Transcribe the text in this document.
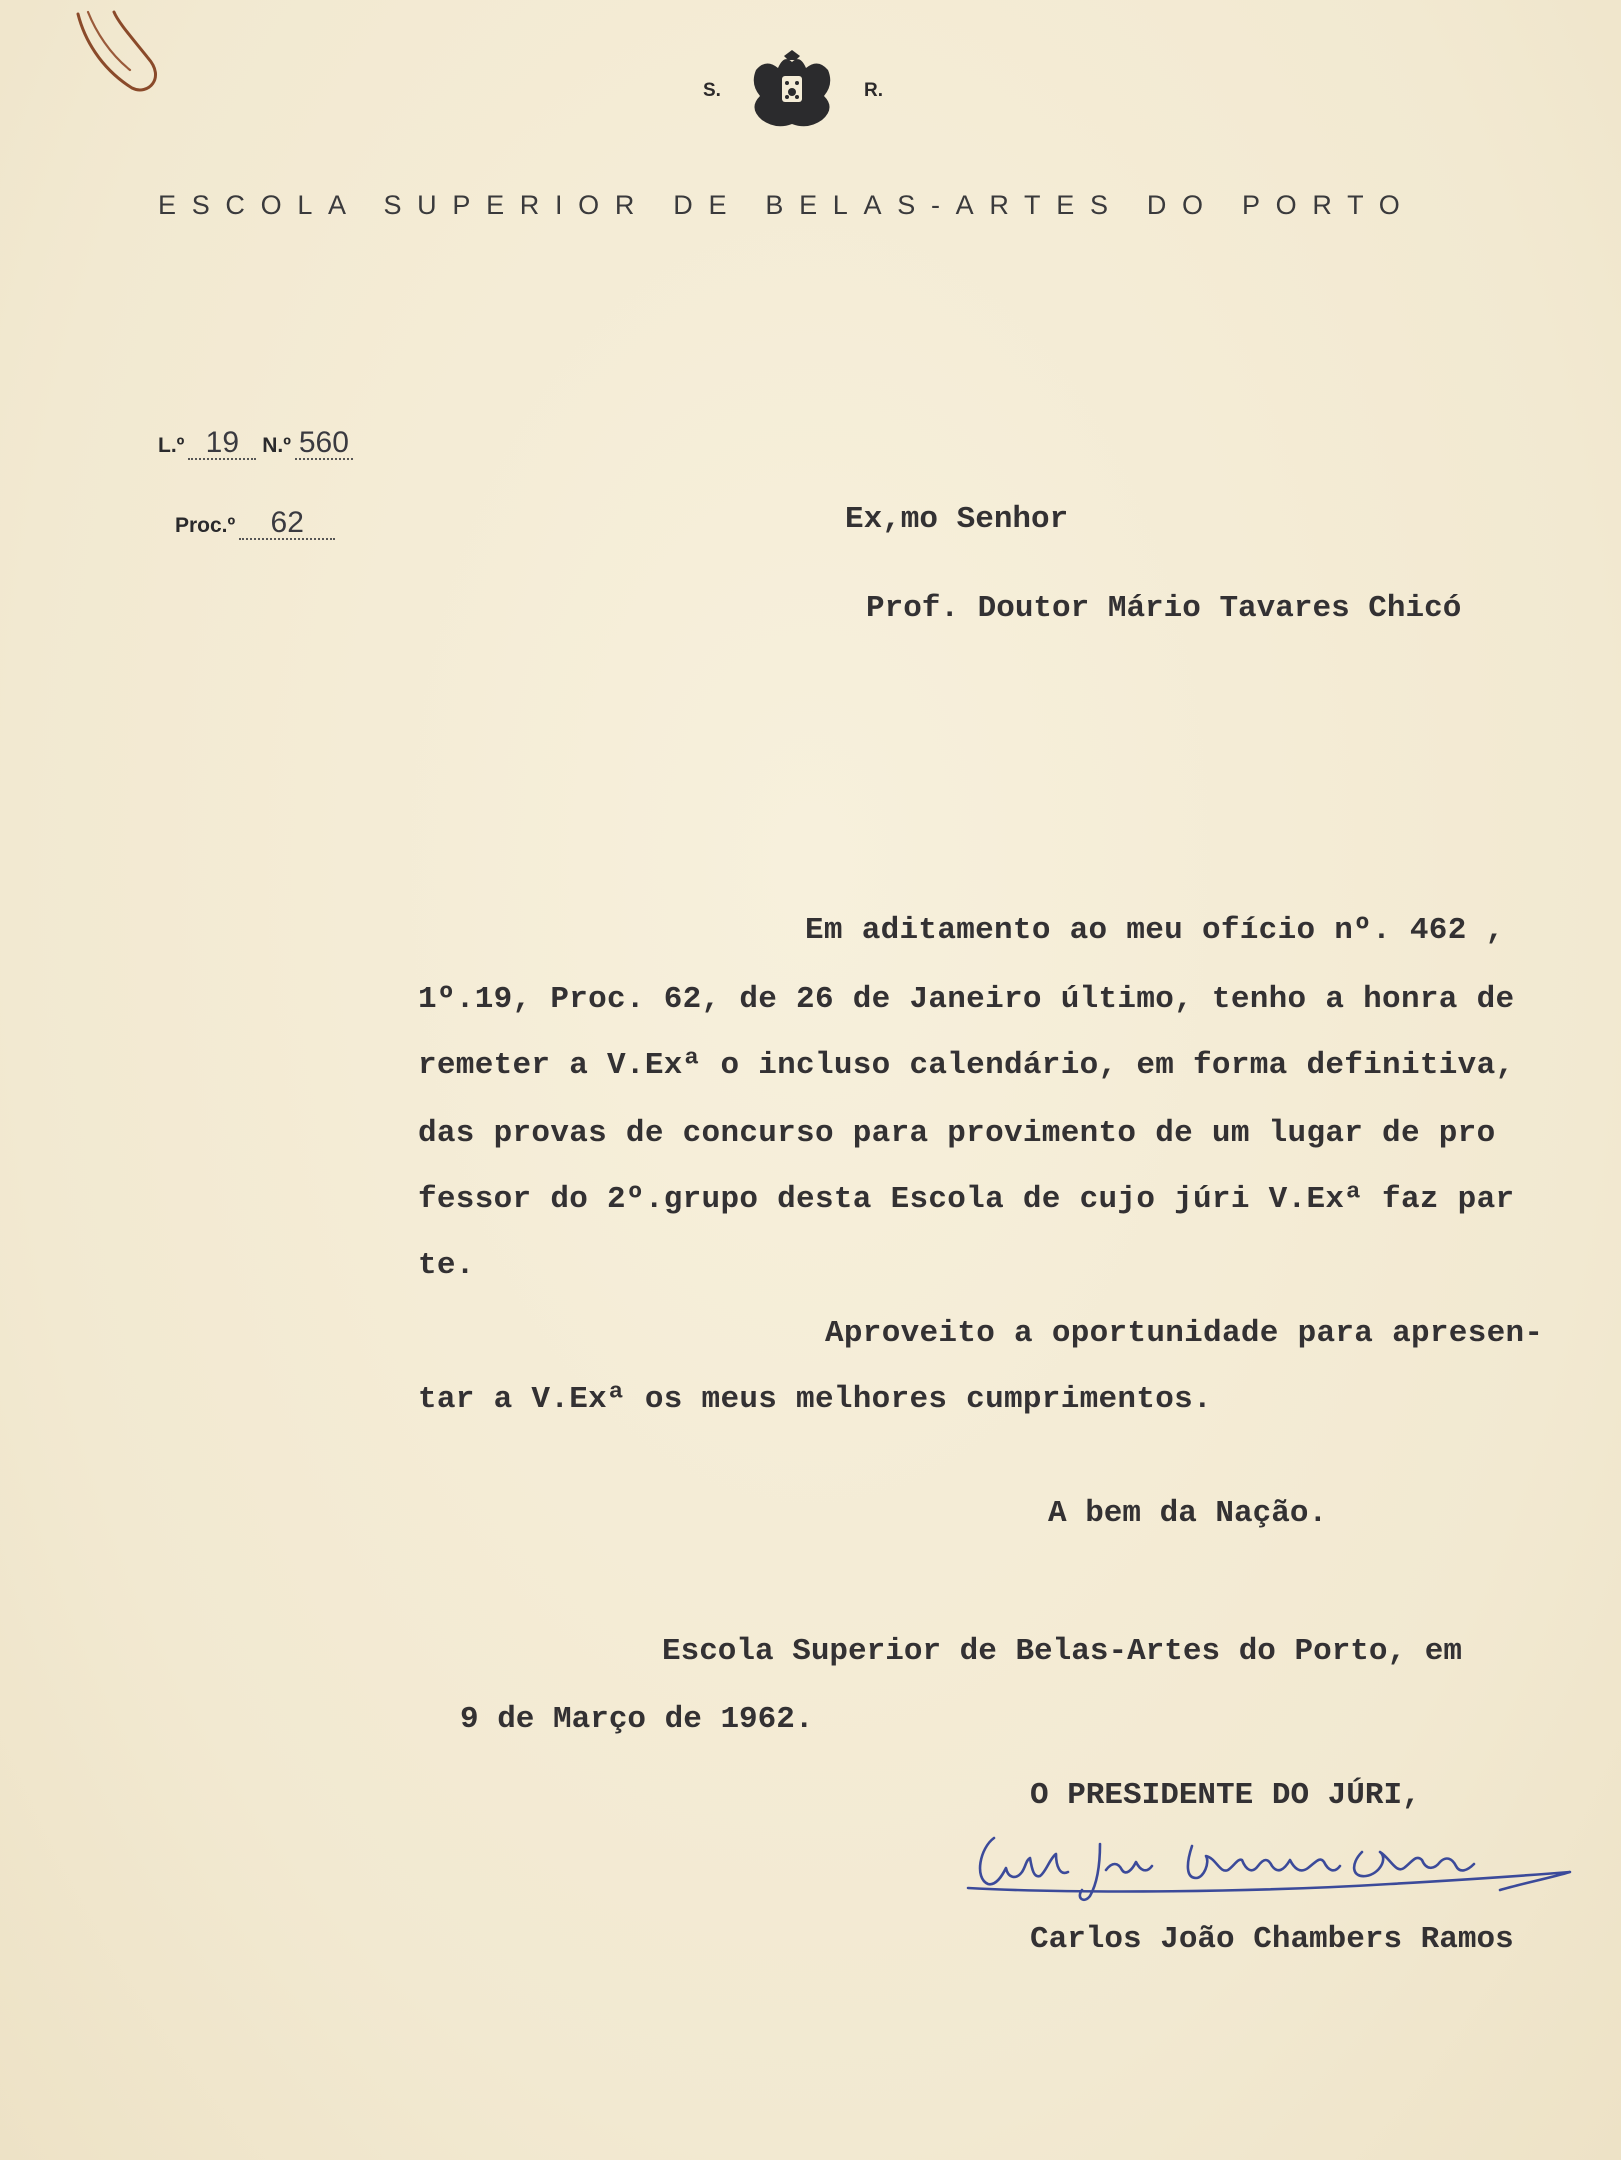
S.	R.
ESCOLA SUPERIOR DE BELAS-ARTES DO PORTO
L.º 19 N.º 560
Proc.º 62	Ex,mo Senhor
Prof. Doutor Mário Tavares Chicó
Em aditamento ao meu ofício nº. 462 ,
1º.19, Proc. 62, de 26 de Janeiro último, tenho a honra de
remeter a V.Exª o incluso calendário, em forma definitiva,
das provas de concurso para provimento de um lugar de pro
fessor do 2º.grupo desta Escola de cujo júri V.Exª faz par
te.
Aproveito a oportunidade para apresen-
tar a V.Exª os meus melhores cumprimentos.
A bem da Nação.
Escola Superior de Belas-Artes do Porto, em
9 de Março de 1962.
O PRESIDENTE DO JÚRI,
Carlos João Chambers Ramos
